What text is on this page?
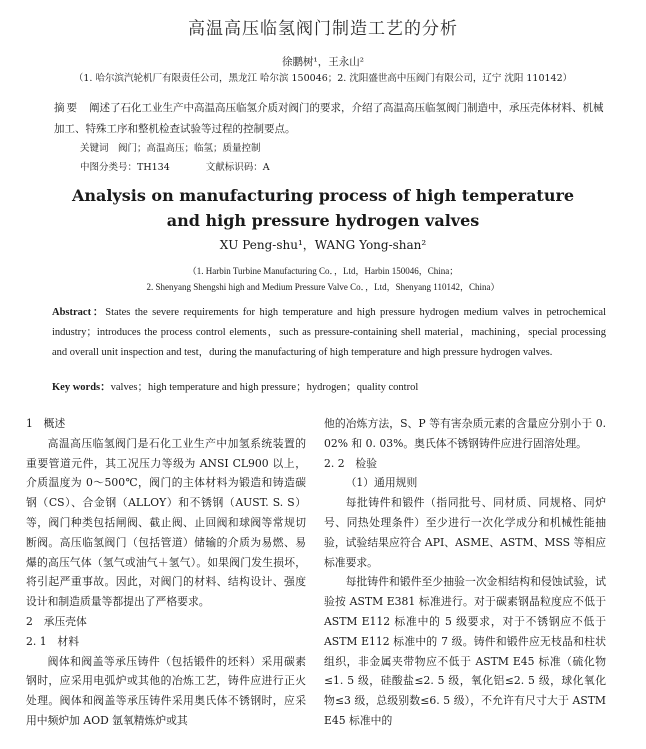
高温高压临氢阀门制造工艺的分析
徐鹏树¹，王永山²
（1. 哈尔滨汽轮机厂有限责任公司，黑龙江 哈尔滨 150046；2. 沈阳盛世高中压阀门有限公司，辽宁 沈阳 110142）
摘要 阐述了石化工业生产中高温高压临氢介质对阀门的要求，介绍了高温高压临氢阀门制造中，承压壳体材料、机械加工、特殊工序和整机检查试验等过程的控制要点。
关键词　阀门；高温高压；临氢；质量控制
中图分类号：TH134	文献标识码：A
Analysis on manufacturing process of high temperature
and high pressure hydrogen valves
XU Peng-shu¹，WANG Yong-shan²
（1. Harbin Turbine Manufacturing Co．，Ltd，Harbin 150046，China；
2. Shenyang Shengshi high and Medium Pressure Valve Co．，Ltd，Shenyang 110142，China）
Abstract：States the severe requirements for high temperature and high pressure hydrogen medium valves in petrochemical industry；introduces the process control elements，such as pressure-containing shell material，machining，special processing and overall unit inspection and test，during the manufacturing of high temperature and high pressure hydrogen valves.
Key words：valves；high temperature and high pressure；hydrogen；quality control

1　概述

高温高压临氢阀门是石化工业生产中加氢系统装置的重要管道元件，其工况压力等级为 ANSI CL900 以上，介质温度为 0～500℃，阀门的主体材料为锻造和铸造碳钢（CS）、合金钢（ALLOY）和不锈钢（AUST. S. S）等，阀门种类包括闸阀、截止阀、止回阀和球阀等常规切断阀。高压临氢阀门（包括管道）储输的介质为易燃、易爆的高压气体（氢气或油气＋氢气）。如果阀门发生损坏，将引起严重事故。因此，对阀门的材料、结构设计、强度设计和制造质量等都提出了严格要求。

2　承压壳体

2. 1　材料

阀体和阀盖等承压铸件（包括锻件的坯料）采用碳素钢时，应采用电弧炉或其他的冶炼工艺，铸件应进行正火处理。阀体和阀盖等承压铸件采用奥氏体不锈钢时，应采用中频炉加 AOD 氩氧精炼炉或其

他的冶炼方法，S、P 等有害杂质元素的含量应分别小于 0. 02% 和 0. 03%。奥氏体不锈钢铸件应进行固溶处理。

2. 2　检验

（1）通用规则

每批铸件和锻件（指同批号、同材质、同规格、同炉号、同热处理条件）至少进行一次化学成分和机械性能抽验，试验结果应符合 API、ASME、ASTM、MSS 等相应标准要求。

每批铸件和锻件至少抽验一次金相结构和侵蚀试验，试验按 ASTM E381 标准进行。对于碳素钢晶粒度应不低于 ASTM E112 标准中的 5 级要求，对于不锈钢应不低于 ASTM E112 标准中的 7 级。铸件和锻件应无枝晶和柱状组织，非金属夹带物应不低于 ASTM E45 标准（硫化物≤1. 5 级，硅酸盐≤2. 5 级，氧化铝≤2. 5 级，球化氧化物≤3 级，总级别数≤6. 5 级），不允许有尺寸大于 ASTM E45 标准中的
